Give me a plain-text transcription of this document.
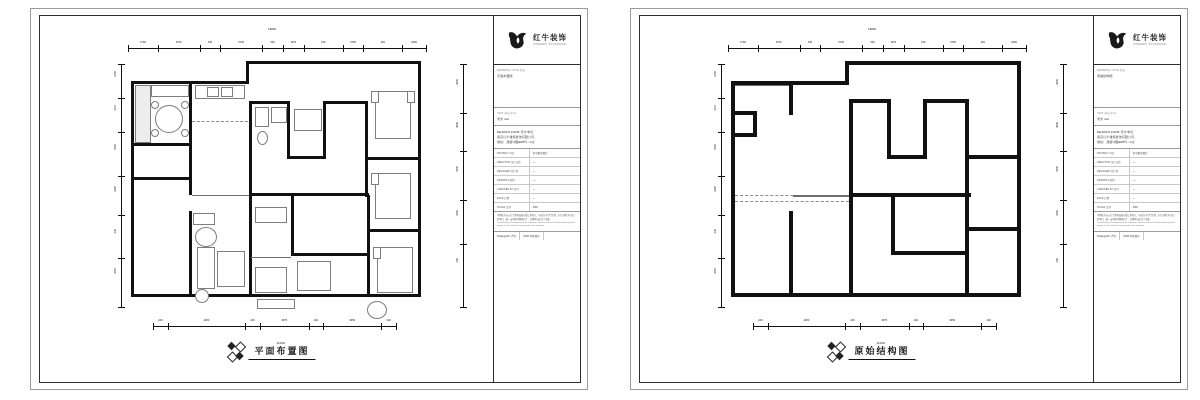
红牛装饰
HONGNIU ZHUANGSHI
DRAWING TITLE 图名
平面布置图
UNIT 单位(mm)
毫米 mm
DESIGN FIRM 设计单位
南京红牛建筑装饰有限公司
地址：溧谁中路408号—1층
PROJECT 项目	住宅室内设计
DIRECTOR 设计总监	—
DESIGNER 设计师	—
DRAWING 制图	—
CHECKED BY 校对	—
DATE 日期	—
SCALE 比例	1:50
本图纸为南京红牛建筑装饰有限公司所有，未经许可不得复制、转让或用于其他工程项目。施工前请核对现场尺寸，以现场实际尺寸为准。
This drawing is the property of the company. Contents shall not be disclosed to any third parties nor be used for purposes other than intended.
Drawing NO. 图号	A3/01 图纸编号
2700	1570	240	2700	240	1570	240	2750	240	2250
13810
1050
1270
2500
2200
240
1050
2620
2840
2500
2200
240
240	4250	240	2675	240	3250	240
11310
平面布置图
红牛装饰
HONGNIU ZHUANGSHI
DRAWING TITLE 图名
原始结构图
UNIT 单位(mm)
毫米 mm
DESIGN FIRM 设计单位
南京红牛建筑装饰有限公司
地址：溧谁中路408号—1층
PROJECT 项目	住宅室内设计
DIRECTOR 设计总监	—
DESIGNER 设计师	—
DRAWING 制图	—
CHECKED BY 校对	—
DATE 日期	—
SCALE 比例	1:50
本图纸为南京红牛建筑装饰有限公司所有，未经许可不得复制、转让或用于其他工程项目。施工前请核对现场尺寸，以现场实际尺寸为准。
This drawing is the property of the company. Contents shall not be disclosed to any third parties nor be used for purposes other than intended.
Drawing NO. 图号	A3/02 图纸编号
2700	1570	240	2700	240	1570	240	2750	240	2250
13810
1050
1270
2500
2200
240
1050
2620
2840
2500
2200
240
240	4250	240	2675	240	3250	240
11310
原始结构图
